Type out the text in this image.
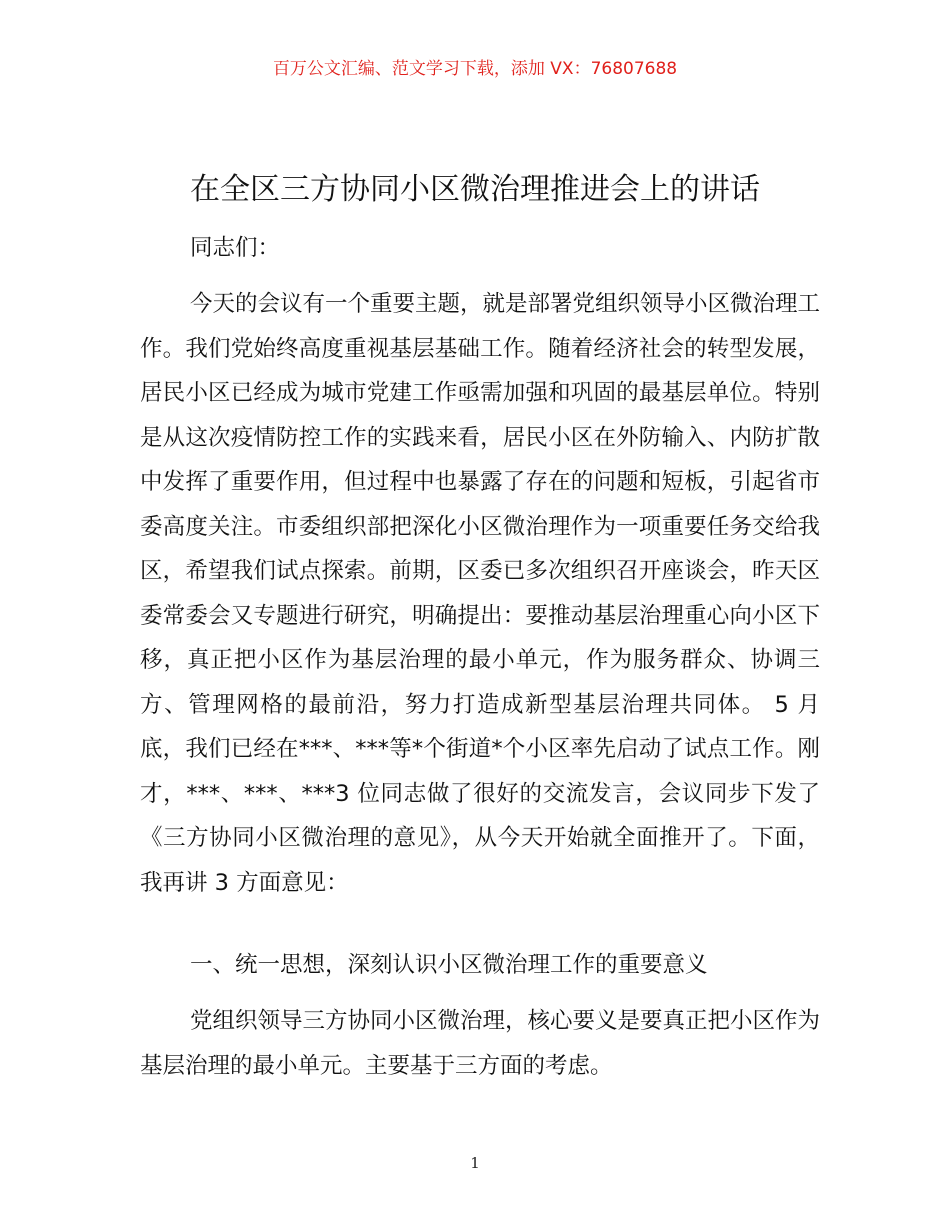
百万公文汇编、范文学习下载，添加 VX：76807688
在全区三方协同小区微治理推进会上的讲话

同志们：

今天的会议有一个重要主题，就是部署党组织领导小区微治理工作。我们党始终高度重视基层基础工作。随着经济社会的转型发展，居民小区已经成为城市党建工作亟需加强和巩固的最基层单位。特别是从这次疫情防控工作的实践来看，居民小区在外防输入、内防扩散中发挥了重要作用，但过程中也暴露了存在的问题和短板，引起省市委高度关注。市委组织部把深化小区微治理作为一项重要任务交给我区，希望我们试点探索。前期，区委已多次组织召开座谈会，昨天区委常委会又专题进行研究，明确提出：要推动基层治理重心向小区下移，真正把小区作为基层治理的最小单元，作为服务群众、协调三方、管理网格的最前沿，努力打造成新型基层治理共同体。 5 月底，我们已经在***、***等*个街道*个小区率先启动了试点工作。刚才，***、***、***3 位同志做了很好的交流发言，会议同步下发了《三方协同小区微治理的意见》，从今天开始就全面推开了。下面，我再讲 3 方面意见：

一、统一思想，深刻认识小区微治理工作的重要意义

党组织领导三方协同小区微治理，核心要义是要真正把小区作为基层治理的最小单元。主要基于三方面的考虑。

1
